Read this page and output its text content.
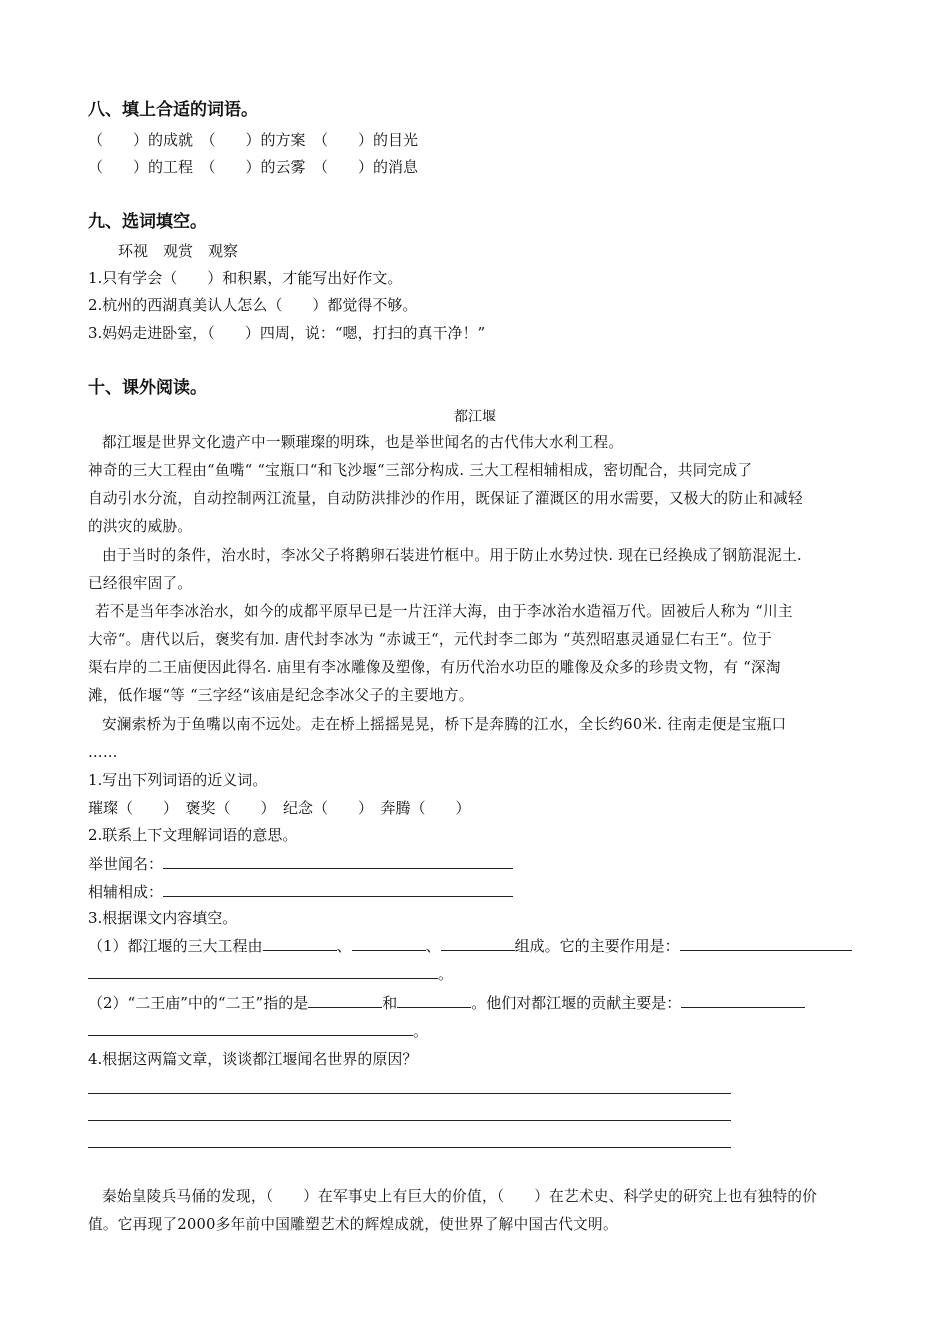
八、填上合适的词语。
（　　）的成就　（　　）的方案　（　　）的目光
（　　）的工程　（　　）的云雾　（　　）的消息
九、选词填空。
环视　观赏　观察
1.只有学会（　　）和积累，才能写出好作文。
2.杭州的西湖真美认人怎么（　　）都觉得不够。
3.妈妈走进卧室，（　　）四周，说：“嗯，打扫的真干净！”
十、课外阅读。
都江堰
都江堰是世界文化遗产中一颗璀璨的明珠，也是举世闻名的古代伟大水利工程。
神奇的三大工程由“鱼嘴“ “宝瓶口“和飞沙堰“三部分构成. 三大工程相辅相成，密切配合，共同完成了
自动引水分流，自动控制两江流量，自动防洪排沙的作用，既保证了灌溉区的用水需要，又极大的防止和减轻
的洪灾的威胁。
由于当时的条件，治水时，李冰父子将鹅卵石装进竹框中。用于防止水势过快. 现在已经换成了钢筋混泥土.
已经很牢固了。
若不是当年李冰治水，如今的成都平原早已是一片汪洋大海，由于李冰治水造福万代。固被后人称为 “川主
大帝“。唐代以后，褒奖有加. 唐代封李冰为 “赤诚王“，元代封李二郎为 “英烈昭惠灵通显仁右王“。位于
渠右岸的二王庙便因此得名. 庙里有李冰雕像及塑像，有历代治水功臣的雕像及众多的珍贵文物，有 “深淘
滩，低作堰“等 “三字经“该庙是纪念李冰父子的主要地方。
安澜索桥为于鱼嘴以南不远处。走在桥上摇摇晃晃，桥下是奔腾的江水，全长约60米. 往南走便是宝瓶口
……
1.写出下列词语的近义词。
璀璨（　　）　褒奖（　　）　纪念（　　）　奔腾（　　）
2.联系上下文理解词语的意思。
举世闻名：
相辅相成：
3.根据课文内容填空。
（1）都江堰的三大工程由	、	、	组成。它的主要作用是：
。
（2）“二王庙”中的“二王”指的是	和	。他们对都江堰的贡献主要是：
。
4.根据这两篇文章，谈谈都江堰闻名世界的原因？
秦始皇陵兵马俑的发现，（　　）在军事史上有巨大的价值，（　　）在艺术史、科学史的研究上也有独特的价
值。它再现了2000多年前中国雕塑艺术的辉煌成就，使世界了解中国古代文明。
